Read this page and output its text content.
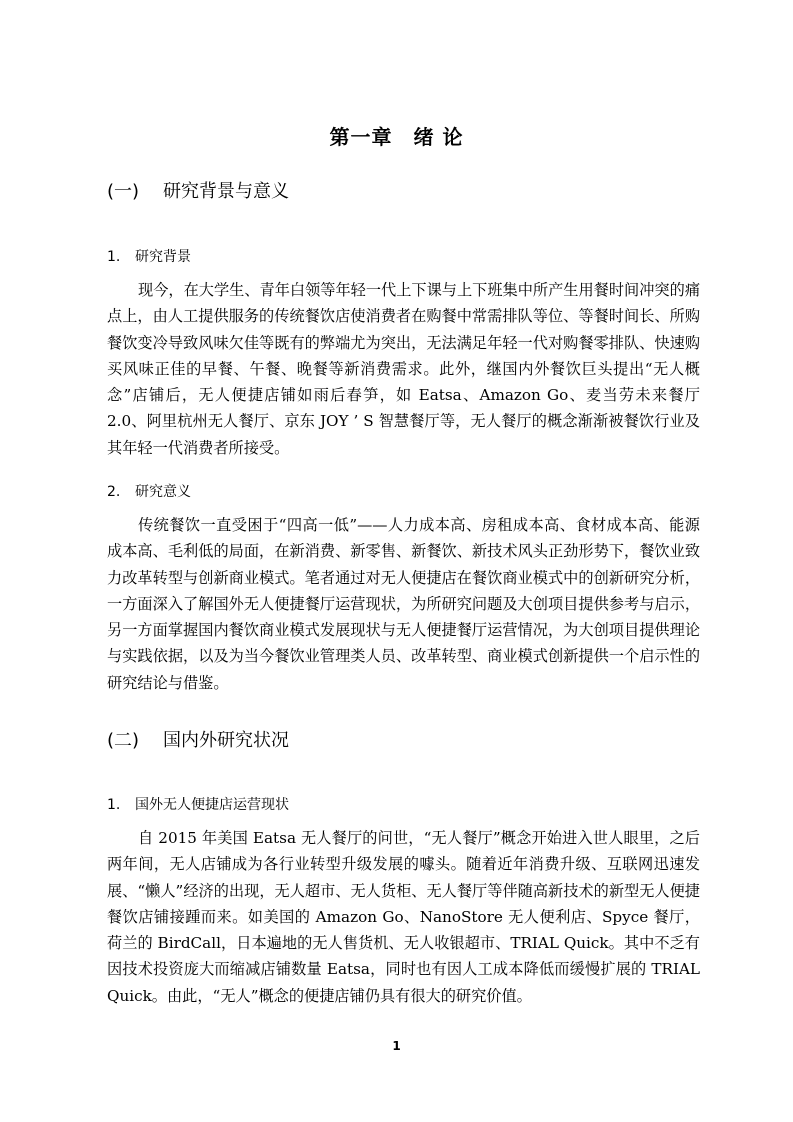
第一章　绪 论
(一) 研究背景与意义
1. 研究背景

现今，在大学生、青年白领等年轻一代上下课与上下班集中所产生用餐时间冲突的痛点上，由人工提供服务的传统餐饮店使消费者在购餐中常需排队等位、等餐时间长、所购餐饮变冷导致风味欠佳等既有的弊端尤为突出，无法满足年轻一代对购餐零排队、快速购买风味正佳的早餐、午餐、晚餐等新消费需求。此外，继国内外餐饮巨头提出“无人概念”店铺后，无人便捷店铺如雨后春笋，如 Eatsa、Amazon Go、麦当劳未来餐厅 2.0、阿里杭州无人餐厅、京东 JOY ’ S 智慧餐厅等，无人餐厅的概念渐渐被餐饮行业及其年轻一代消费者所接受。

2. 研究意义

传统餐饮一直受困于“四高一低”——人力成本高、房租成本高、食材成本高、能源成本高、毛利低的局面，在新消费、新零售、新餐饮、新技术风头正劲形势下，餐饮业致力改革转型与创新商业模式。笔者通过对无人便捷店在餐饮商业模式中的创新研究分析，一方面深入了解国外无人便捷餐厅运营现状，为所研究问题及大创项目提供参考与启示，另一方面掌握国内餐饮商业模式发展现状与无人便捷餐厅运营情况，为大创项目提供理论与实践依据，以及为当今餐饮业管理类人员、改革转型、商业模式创新提供一个启示性的研究结论与借鉴。

(二) 国内外研究状况
1. 国外无人便捷店运营现状

自 2015 年美国 Eatsa 无人餐厅的问世，“无人餐厅”概念开始进入世人眼里，之后两年间，无人店铺成为各行业转型升级发展的噱头。随着近年消费升级、互联网迅速发展、“懒人”经济的出现，无人超市、无人货柜、无人餐厅等伴随高新技术的新型无人便捷餐饮店铺接踵而来。如美国的 Amazon Go、NanoStore 无人便利店、Spyce 餐厅，荷兰的 BirdCall，日本遍地的无人售货机、无人收银超市、TRIAL Quick。其中不乏有因技术投资庞大而缩减店铺数量 Eatsa，同时也有因人工成本降低而缓慢扩展的 TRIAL Quick。由此，“无人”概念的便捷店铺仍具有很大的研究价值。

1
